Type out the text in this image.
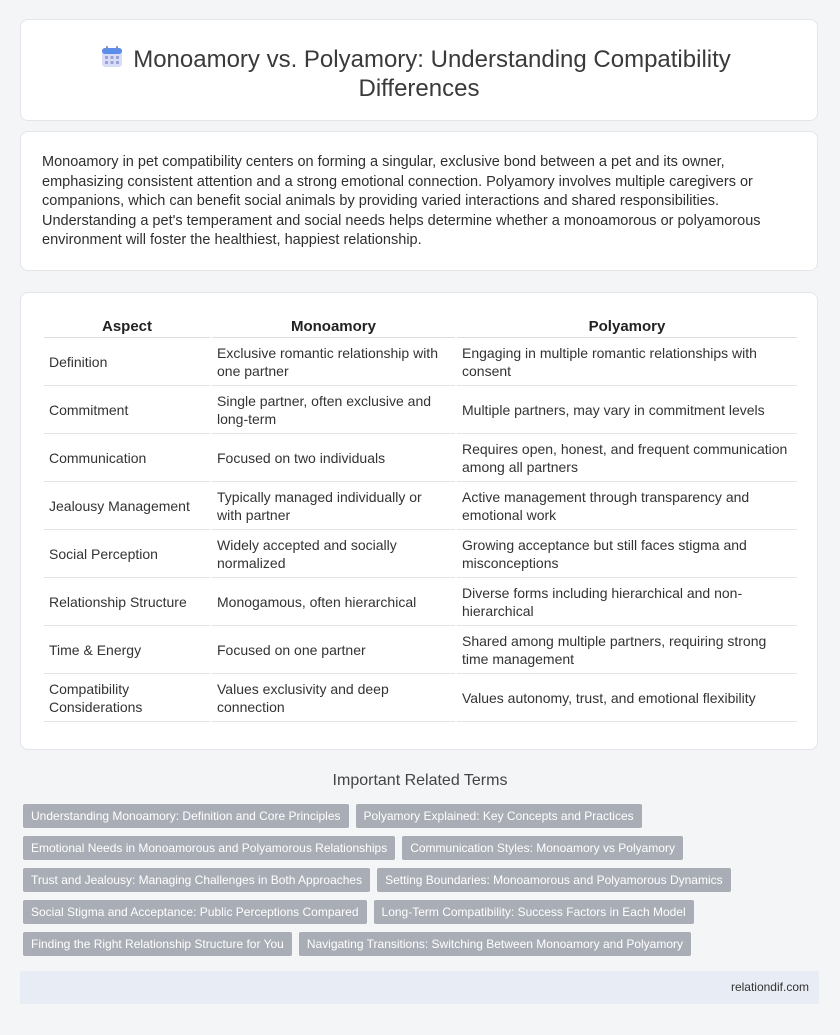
Monoamory vs. Polyamory: Understanding Compatibility
Differences

Monoamory in pet compatibility centers on forming a singular, exclusive bond between a pet and its owner, emphasizing consistent attention and a strong emotional connection. Polyamory involves multiple caregivers or companions, which can benefit social animals by providing varied interactions and shared responsibilities. Understanding a pet's temperament and social needs helps determine whether a monoamorous or polyamorous environment will foster the healthiest, happiest relationship.

Aspect	Monoamory	Polyamory
Definition	Exclusive romantic relationship with one partner	Engaging in multiple romantic relationships with consent
Commitment	Single partner, often exclusive and long-term	Multiple partners, may vary in commitment levels
Communication	Focused on two individuals	Requires open, honest, and frequent communication among all partners
Jealousy Management	Typically managed individually or with partner	Active management through transparency and emotional work
Social Perception	Widely accepted and socially normalized	Growing acceptance but still faces stigma and misconceptions
Relationship Structure	Monogamous, often hierarchical	Diverse forms including hierarchical and non-hierarchical
Time & Energy	Focused on one partner	Shared among multiple partners, requiring strong time management
Compatibility Considerations	Values exclusivity and deep connection	Values autonomy, trust, and emotional flexibility
Important Related Terms
Understanding Monoamory: Definition and Core Principles	Polyamory Explained: Key Concepts and Practices
Emotional Needs in Monoamorous and Polyamorous Relationships	Communication Styles: Monoamory vs Polyamory
Trust and Jealousy: Managing Challenges in Both Approaches	Setting Boundaries: Monoamorous and Polyamorous Dynamics
Social Stigma and Acceptance: Public Perceptions Compared	Long-Term Compatibility: Success Factors in Each Model
Finding the Right Relationship Structure for You	Navigating Transitions: Switching Between Monoamory and Polyamory
relationdif.com
